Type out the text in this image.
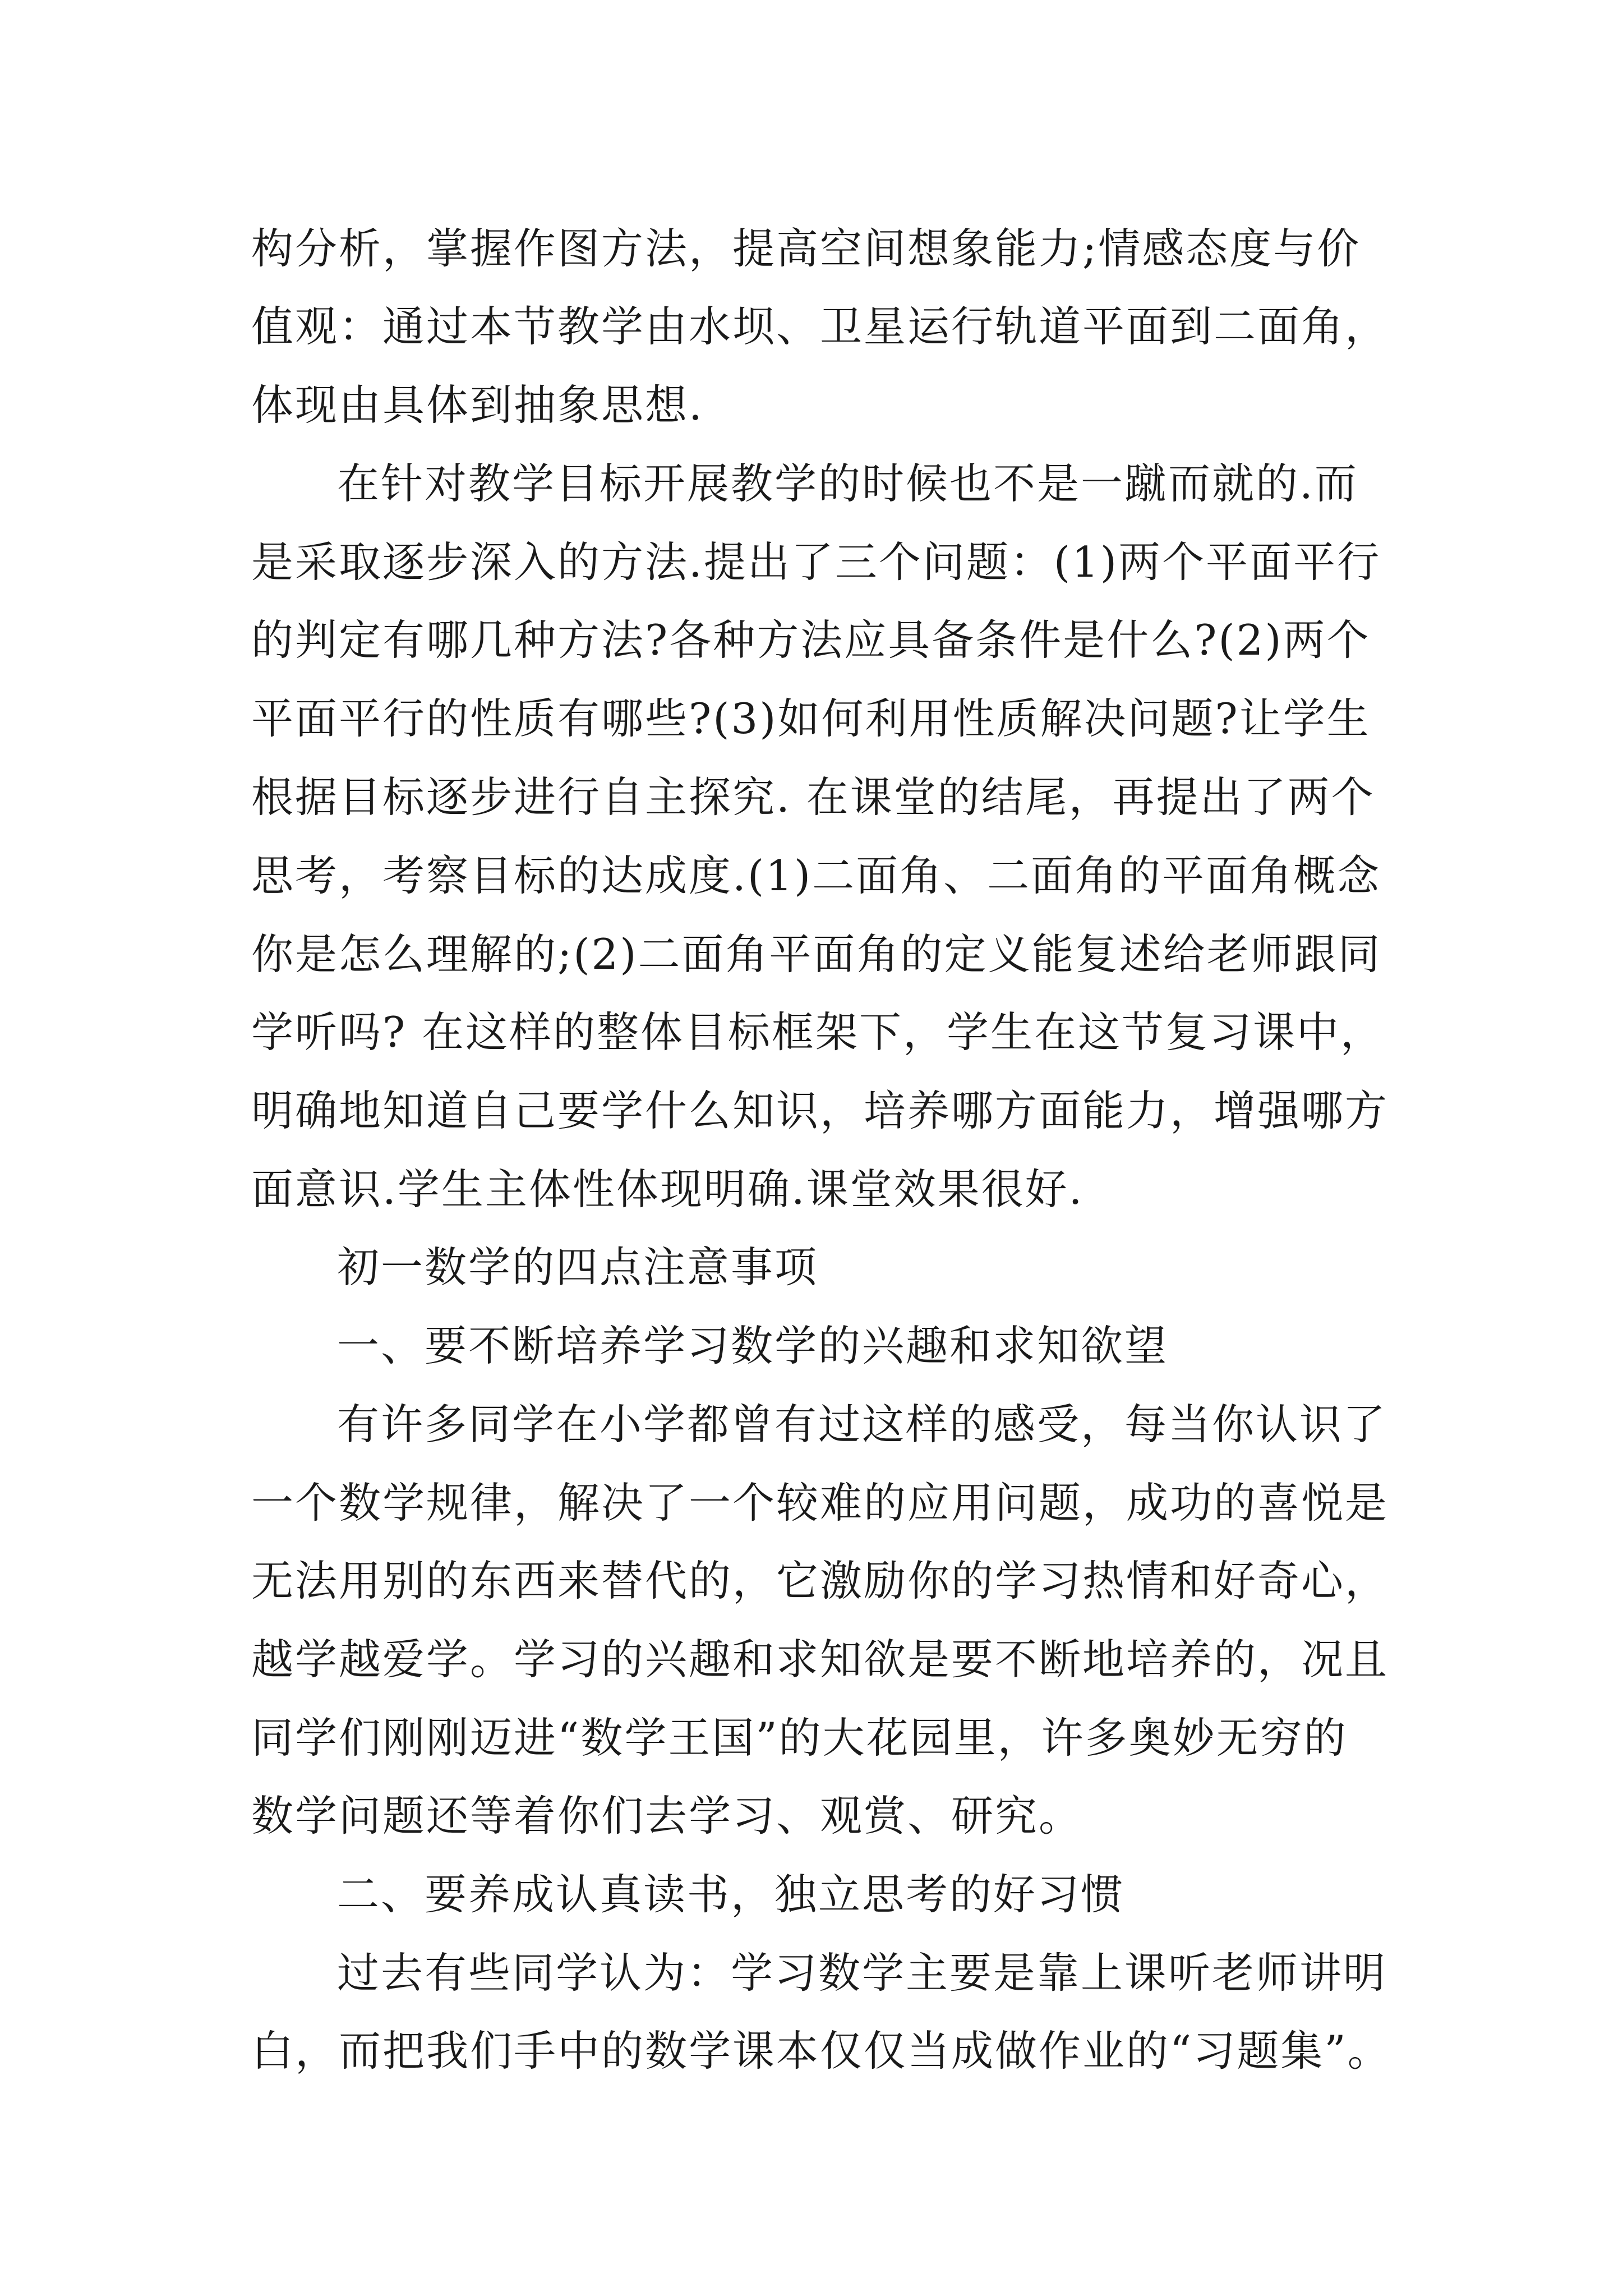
构分析，掌握作图方法，提高空间想象能力;情感态度与价

值观：通过本节教学由水坝、卫星运行轨道平面到二面角，

体现由具体到抽象思想.

在针对教学目标开展教学的时候也不是一蹴而就的.而

是采取逐步深入的方法.提出了三个问题：(1)两个平面平行

的判定有哪几种方法?各种方法应具备条件是什么?(2)两个

平面平行的性质有哪些?(3)如何利用性质解决问题?让学生

根据目标逐步进行自主探究. 在课堂的结尾，再提出了两个

思考，考察目标的达成度.(1)二面角、二面角的平面角概念

你是怎么理解的;(2)二面角平面角的定义能复述给老师跟同

学听吗? 在这样的整体目标框架下，学生在这节复习课中，

明确地知道自己要学什么知识，培养哪方面能力，增强哪方

面意识.学生主体性体现明确.课堂效果很好.

初一数学的四点注意事项

一、要不断培养学习数学的兴趣和求知欲望

有许多同学在小学都曾有过这样的感受，每当你认识了

一个数学规律，解决了一个较难的应用问题，成功的喜悦是

无法用别的东西来替代的，它激励你的学习热情和好奇心，

越学越爱学。学习的兴趣和求知欲是要不断地培养的，况且

同学们刚刚迈进“数学王国”的大花园里，许多奥妙无穷的

数学问题还等着你们去学习、观赏、研究。

二、要养成认真读书，独立思考的好习惯

过去有些同学认为：学习数学主要是靠上课听老师讲明

白，而把我们手中的数学课本仅仅当成做作业的“习题集”。
